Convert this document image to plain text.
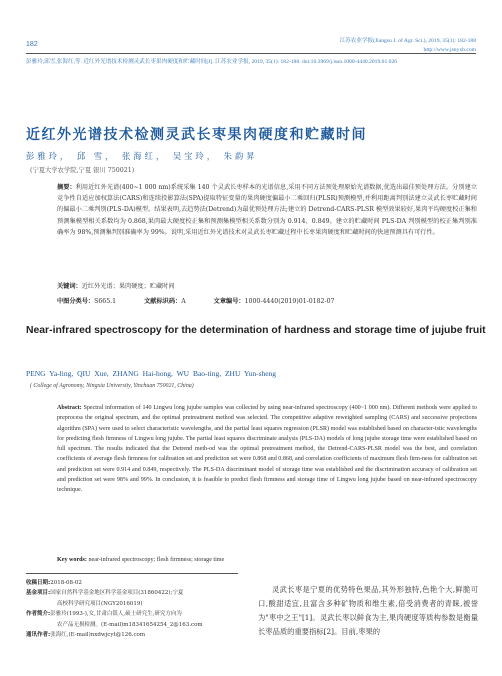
182	江苏农业学报(Jiangsu J. of Agr. Sci.), 2019, 35(1): 182-188
http://www.jsnyxb.com
彭雅玲,邱雪,张海红,等. 近红外光谱技术检测灵武长枣果肉硬度和贮藏时间[J]. 江苏农业学报, 2019, 35(1): 182-188. doi:10.3969/j.issn.1000-4440.2019.01.026
近红外光谱技术检测灵武长枣果肉硬度和贮藏时间
彭雅玲， 邱 雪， 张海红， 吴宝玲， 朱韵昇
(宁夏大学农学院,宁夏 银川 750021)
摘要：利用近红外光谱(400~1 000 nm)系统采集 140 个灵武长枣样本的光谱信息,采用不同方法预处理原始光谱数据,优选出最佳预处理方法。分别建立竞争性自适应加权算法(CARS)和连续投影算法(SPA)提取特征变量的果肉硬度偏最小二乘回归(PLSR)预测模型,并利用距离判别法建立灵武长枣贮藏时间的偏最小二乘判别(PLS-DA)模型。结果表明,去趋势法(Detrend)为最优预处理方法;建立的 Detrend-CARS-PLSR 模型效果较好,果肉平均硬度校正集和预测集模型相关系数均为 0.868,果肉最大硬度校正集和预测集模型相关系数分别为 0.914、0.849。建立的贮藏时间 PLS-DA 判别模型的校正集判别准确率为 98%,预测集判别准确率为 99%。说明,采用近红外光谱技术对灵武长枣贮藏过程中长枣果肉硬度和贮藏时间的快速预测具有可行性。
关键词：近红外光谱；果肉硬度；贮藏时间
中图分类号：S665.1	文献标识码：A	文章编号：1000-4440(2019)01-0182-07
Near-infrared spectroscopy for the determination of hardness and storage time of jujube fruit
PENG Ya-ling, QIU Xue, ZHANG Hai-hong, WU Bao-ting, ZHU Yun-sheng
( College of Agronomy, Ningxia University, Yinchuan 750021, China)
Abstract: Spectral information of 140 Lingwu long jujube samples was collected by using near-infrared spectroscopy (400~1 000 nm). Different methods were applied to preprocess the original spectrum, and the optimal pretreatment method was selected. The competitive adaptive reweighted sampling (CARS) and successive projections algorithm (SPA) were used to select characteristic wavelengths, and the partial least squares regression (PLSR) model was established based on character-istic wavelengths for predicting flesh firmness of Lingwu long jujube. The partial least squares discriminate analysis (PLS-DA) models of long jujube storage time were established based on full spectrum. The results indicated that the Detrend meth-od was the optimal pretreatment method, the Detrend-CARS-PLSR model was the best, and correlation coefficients of average flesh firmness for calibration set and prediction set were 0.868 and 0.868, and correlation coefficients of maximum flesh firm-ness for calibration set and prediction set were 0.914 and 0.849, respectively. The PLS-DA discriminant model of storage time was established and the discrimination accuracy of calibration set and prediction set were 98% and 99%. In conclusion, it is feasible to predict flesh firmness and storage time of Lingwu long jujube based on near-infrared spectroscopy technique.
Key words: near-infrared spectroscopy; flesh firmness; storage time
收稿日期:2018-08-02
基金项目:国家自然科学基金地区科学基金项目(31860422);宁夏
高校科学研究项目(NGY2016019)
作者简介:彭雅玲(1993-),女,甘肃白银人,硕士研究生,研究方向为
农产品无损检测。(E-mail)m18341654254_2@163.com
通讯作者:张海红,(E-mail)nxdwjcyt@126.com
灵武长枣是宁夏的优势特色果品,其外形独特,色艳个大,鲜脆可口,酸甜适宜,且富含多种矿物质和维生素,倍受消费者的青睐,被誉为"枣中之王"[1]。灵武长枣以鲜食为主,果肉硬度等质构参数是衡量长枣品质的重要指标[2]。目前,枣果的
